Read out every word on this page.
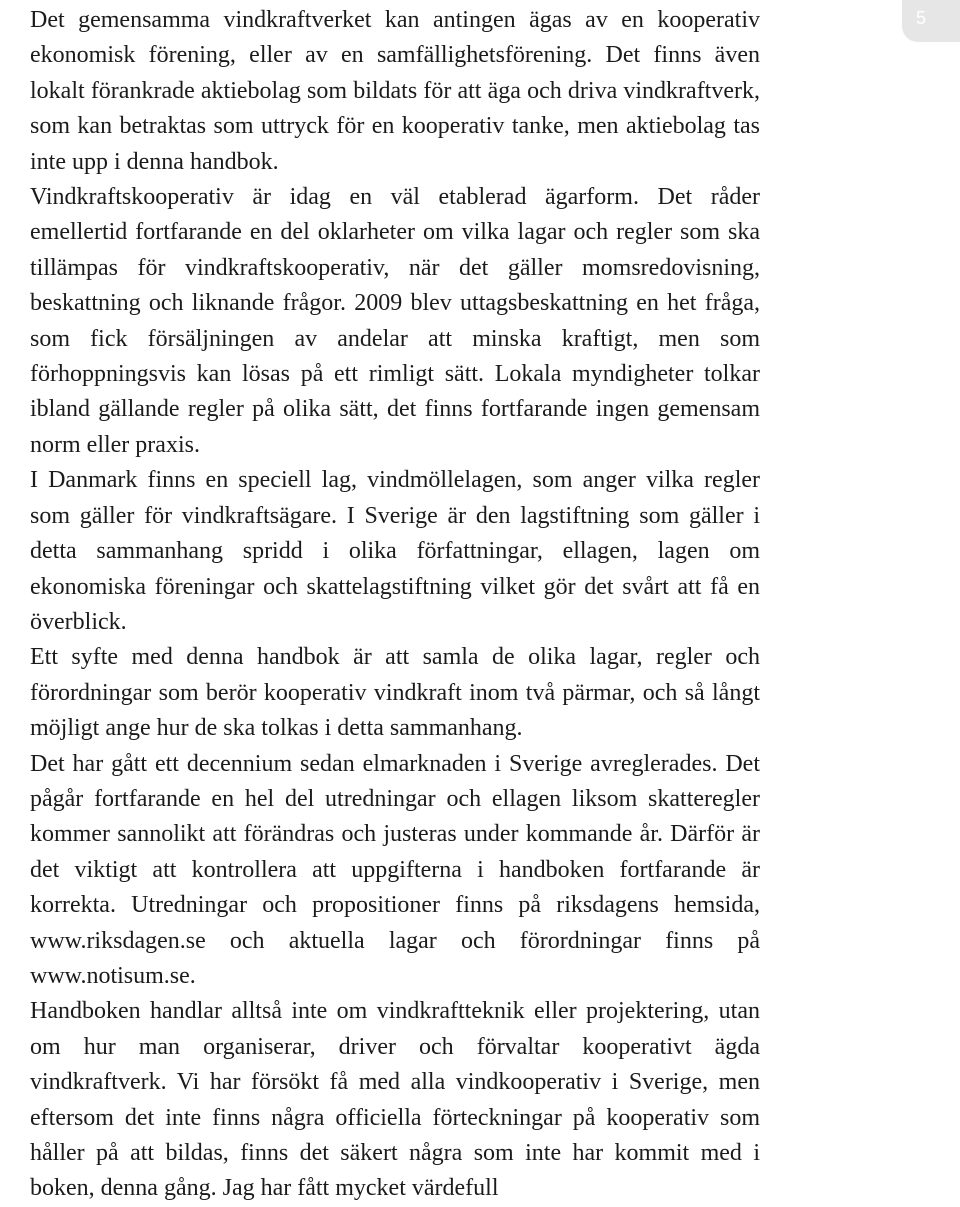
Det gemensamma vindkraftverket kan antingen ägas av en kooperativ ekonomisk förening, eller av en samfällighetsförening. Det finns även lokalt förankrade aktiebolag som bildats för att äga och driva vindkraftverk, som kan betraktas som uttryck för en kooperativ tanke, men aktiebolag tas inte upp i denna handbok.

Vindkraftskooperativ är idag en väl etablerad ägarform. Det råder emellertid fortfarande en del oklarheter om vilka lagar och regler som ska tillämpas för vindkraftskooperativ, när det gäller momsredovisning, beskattning och liknande frågor. 2009 blev uttagsbeskattning en het fråga, som fick försäljningen av andelar att minska kraftigt, men som förhoppningsvis kan lösas på ett rimligt sätt. Lokala myndigheter tolkar ibland gällande regler på olika sätt, det finns fortfarande ingen gemensam norm eller praxis.

I Danmark finns en speciell lag, vindmöllelagen, som anger vilka regler som gäller för vindkraftsägare. I Sverige är den lagstiftning som gäller i detta sammanhang spridd i olika författningar, ellagen, lagen om ekonomiska föreningar och skattelagstiftning vilket gör det svårt att få en överblick.

Ett syfte med denna handbok är att samla de olika lagar, regler och förordningar som berör kooperativ vindkraft inom två pärmar, och så långt möjligt ange hur de ska tolkas i detta sammanhang.

Det har gått ett decennium sedan elmarknaden i Sverige avreglerades. Det pågår fortfarande en hel del utredningar och ellagen liksom skatteregler kommer sannolikt att förändras och justeras under kommande år. Därför är det viktigt att kontrollera att uppgifterna i handboken fortfarande är korrekta. Utredningar och propositioner finns på riksdagens hemsida, www.riksdagen.se och aktuella lagar och förordningar finns på www.notisum.se.

Handboken handlar alltså inte om vindkraftteknik eller projektering, utan om hur man organiserar, driver och förvaltar kooperativt ägda vindkraftverk. Vi har försökt få med alla vindkooperativ i Sverige, men eftersom det inte finns några officiella förteckningar på kooperativ som håller på att bildas, finns det säkert några som inte har kommit med i boken, denna gång. Jag har fått mycket värdefull

5
